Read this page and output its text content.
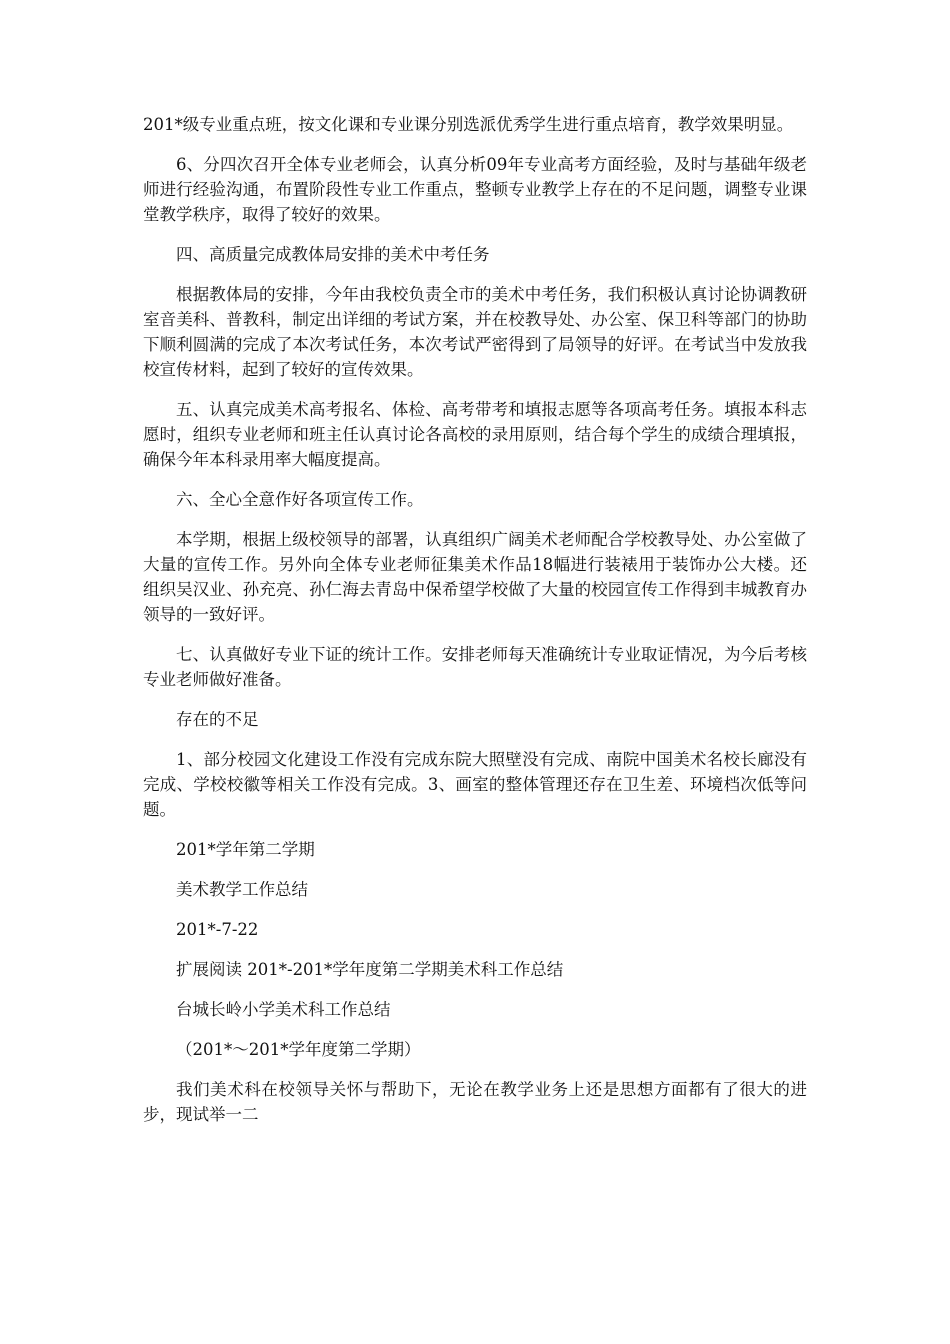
201*级专业重点班，按文化课和专业课分别选派优秀学生进行重点培育，教学效果明显。

6、分四次召开全体专业老师会，认真分析09年专业高考方面经验，及时与基础年级老师进行经验沟通，布置阶段性专业工作重点，整顿专业教学上存在的不足问题，调整专业课堂教学秩序，取得了较好的效果。

四、高质量完成教体局安排的美术中考任务

根据教体局的安排，今年由我校负责全市的美术中考任务，我们积极认真讨论协调教研室音美科、普教科，制定出详细的考试方案，并在校教导处、办公室、保卫科等部门的协助下顺利圆满的完成了本次考试任务，本次考试严密得到了局领导的好评。在考试当中发放我校宣传材料，起到了较好的宣传效果。

五、认真完成美术高考报名、体检、高考带考和填报志愿等各项高考任务。填报本科志愿时，组织专业老师和班主任认真讨论各高校的录用原则，结合每个学生的成绩合理填报，确保今年本科录用率大幅度提高。

六、全心全意作好各项宣传工作。

本学期，根据上级校领导的部署，认真组织广阔美术老师配合学校教导处、办公室做了大量的宣传工作。另外向全体专业老师征集美术作品18幅进行装裱用于装饰办公大楼。还组织吴汉业、孙充亮、孙仁海去青岛中保希望学校做了大量的校园宣传工作得到丰城教育办领导的一致好评。

七、认真做好专业下证的统计工作。安排老师每天准确统计专业取证情况，为今后考核专业老师做好准备。

存在的不足

1、部分校园文化建设工作没有完成东院大照壁没有完成、南院中国美术名校长廊没有完成、学校校徽等相关工作没有完成。3、画室的整体管理还存在卫生差、环境档次低等问题。

201*学年第二学期

美术教学工作总结

201*-7-22

扩展阅读 201*-201*学年度第二学期美术科工作总结

台城长岭小学美术科工作总结

（201*～201*学年度第二学期）

我们美术科在校领导关怀与帮助下，无论在教学业务上还是思想方面都有了很大的进步，现试举一二
